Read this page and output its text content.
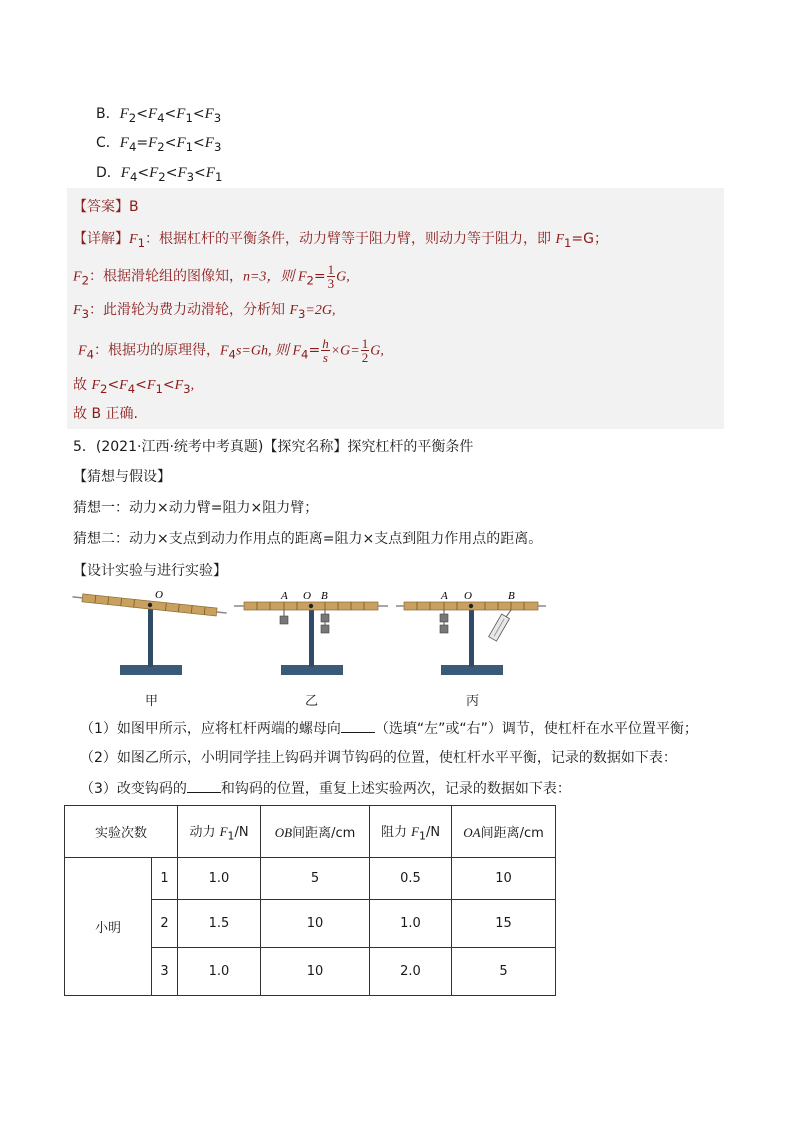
B．$F_2<F_4<F_1<F_3$
C．$F_4=F_2<F_1<F_3$
D．$F_4<F_2<F_3<F_1$
【答案】B
【详解】$F_1$：根据杠杆的平衡条件，动力臂等于阻力臂，则动力等于阻力，即 $F_1=G$；
$F_2$：根据滑轮组的图像知，n=3，则 $F_2= \frac{1}{3} G$,
$F_3$：此滑轮为费力动滑轮，分析知 $F_3=2G$,
$F_4$：根据功的原理得，$F_4s=Gh$, 则 $F_4= \frac{h}{s} \times G= \frac{1}{2} G$,
故 $F_2<F_4<F_1<F_3$,
故 B 正确.
5．(2021·江西·统考中考真题)【探究名称】探究杠杆的平衡条件
【猜想与假设】
猜想一：动力×动力臂=阻力×阻力臂；
猜想二：动力×支点到动力作用点的距离=阻力×支点到阻力作用点的距离。
【设计实验与进行实验】
O	A O B	A O	B
甲	乙	丙
（1）如图甲所示，应将杠杆两端的螺母向 （选填“左”或“右”）调节，使杠杆在水平位置平衡；
（2）如图乙所示，小明同学挂上钩码并调节钩码的位置，使杠杆水平平衡，记录的数据如下表：
（3）改变钩码的 和钩码的位置，重复上述实验两次，记录的数据如下表：
实验次数		动力 $F_1/N$	OB间距离/cm	阻力 $F_1/N$	OA间距离/cm
小明	1	1.0	5	0.5	10
	2	1.5	10	1.0	15
	3	1.0	10	2.0	5
